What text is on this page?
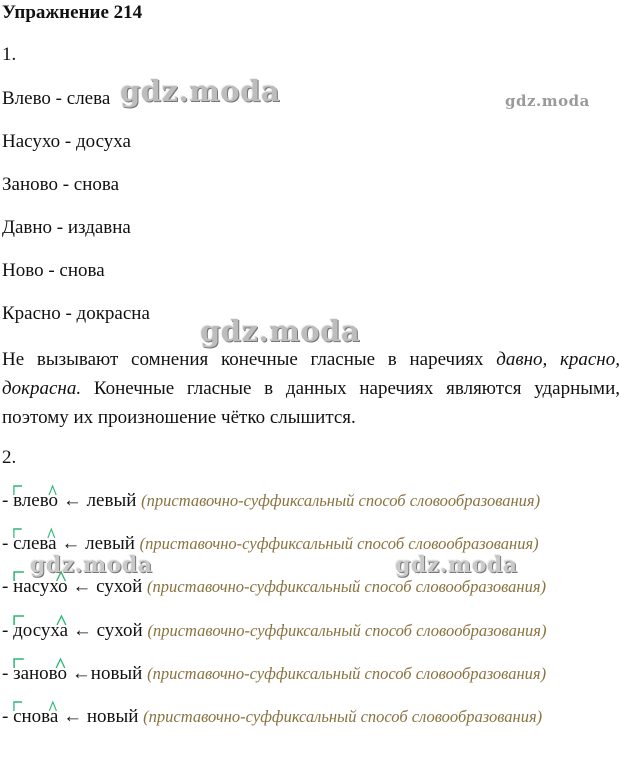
Упражнение 214
1.
Влево - слева
Насухо - досуха
Заново - снова
Давно - издавна
Ново - снова
Красно - докрасна

Не вызывают сомнения конечные гласные в наречиях давно, красно, докрасна. Конечные гласные в данных наречиях являются ударными, поэтому их произношение чётко слышится.

2.
-
влево ← левый (приставочно-суффиксальный способ словообразования)
-
слева ← левый (приставочно-суффиксальный способ словообразования)
-
насухо ← сухой (приставочно-суффиксальный способ словообразования)
-
досуха ← сухой (приставочно-суффиксальный способ словообразования)
-
заново ←новый (приставочно-суффиксальный способ словообразования)
-
снова ← новый (приставочно-суффиксальный способ словообразования)
gdz.moda	gdz.moda
gdz.moda
gdz.moda	gdz.moda
